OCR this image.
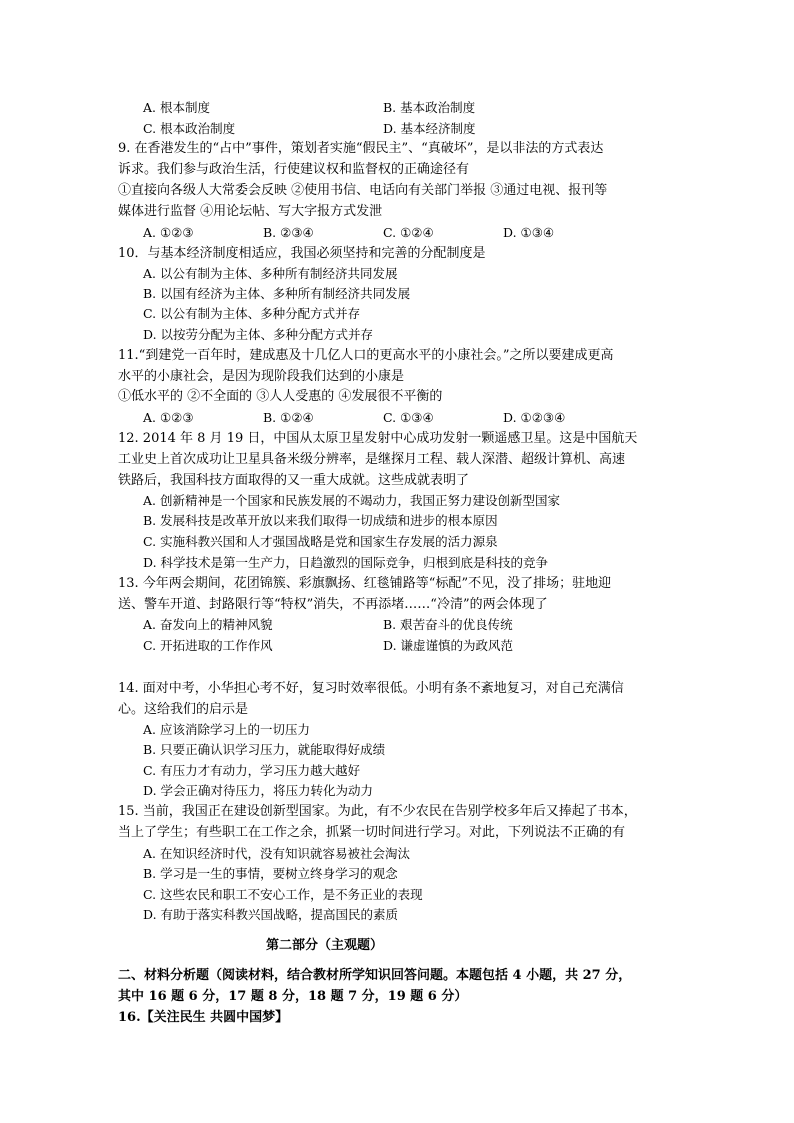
A. 根本制度	B. 基本政治制度
C. 根本政治制度	D. 基本经济制度
9. 在香港发生的“占中”事件，策划者实施“假民主”、“真破坏”，是以非法的方式表达
诉求。我们参与政治生活，行使建议权和监督权的正确途径有
①直接向各级人大常委会反映 ②使用书信、电话向有关部门举报 ③通过电视、报刊等
媒体进行监督 ④用论坛帖、写大字报方式发泄
A. ①②③	B. ②③④	C. ①②④	D. ①③④
10．与基本经济制度相适应，我国必须坚持和完善的分配制度是
A. 以公有制为主体、多种所有制经济共同发展
B. 以国有经济为主体、多种所有制经济共同发展
C. 以公有制为主体、多种分配方式并存
D. 以按劳分配为主体、多种分配方式并存
11.“到建党一百年时，建成惠及十几亿人口的更高水平的小康社会。”之所以要建成更高
水平的小康社会，是因为现阶段我们达到的小康是
①低水平的 ②不全面的 ③人人受惠的 ④发展很不平衡的
A. ①②③	B. ①②④	C. ①③④	D. ①②③④
12. 2014 年 8 月 19 日，中国从太原卫星发射中心成功发射一颗遥感卫星。这是中国航天
工业史上首次成功让卫星具备米级分辨率，是继探月工程、载人深潜、超级计算机、高速
铁路后，我国科技方面取得的又一重大成就。这些成就表明了
A. 创新精神是一个国家和民族发展的不竭动力，我国正努力建设创新型国家
B. 发展科技是改革开放以来我们取得一切成绩和进步的根本原因
C. 实施科教兴国和人才强国战略是党和国家生存发展的活力源泉
D. 科学技术是第一生产力，日趋激烈的国际竞争，归根到底是科技的竞争
13. 今年两会期间，花团锦簇、彩旗飘扬、红毯铺路等“标配”不见，没了排场；驻地迎
送、警车开道、封路限行等“特权”消失，不再添堵……“冷清”的两会体现了
A. 奋发向上的精神风貌	B. 艰苦奋斗的优良传统
C. 开拓进取的工作作风	D. 谦虚谨慎的为政风范
14. 面对中考，小华担心考不好，复习时效率很低。小明有条不紊地复习，对自己充满信
心。这给我们的启示是
A. 应该消除学习上的一切压力
B. 只要正确认识学习压力，就能取得好成绩
C. 有压力才有动力，学习压力越大越好
D. 学会正确对待压力，将压力转化为动力
15. 当前，我国正在建设创新型国家。为此，有不少农民在告别学校多年后又捧起了书本，
当上了学生；有些职工在工作之余，抓紧一切时间进行学习。对此，下列说法不正确的有
A. 在知识经济时代，没有知识就容易被社会淘汰
B. 学习是一生的事情，要树立终身学习的观念
C. 这些农民和职工不安心工作，是不务正业的表现
D. 有助于落实科教兴国战略，提高国民的素质
第二部分（主观题）
二、材料分析题（阅读材料，结合教材所学知识回答问题。本题包括 4 小题，共 27 分，
其中 16 题 6 分，17 题 8 分，18 题 7 分，19 题 6 分）
16.【关注民生 共圆中国梦】
